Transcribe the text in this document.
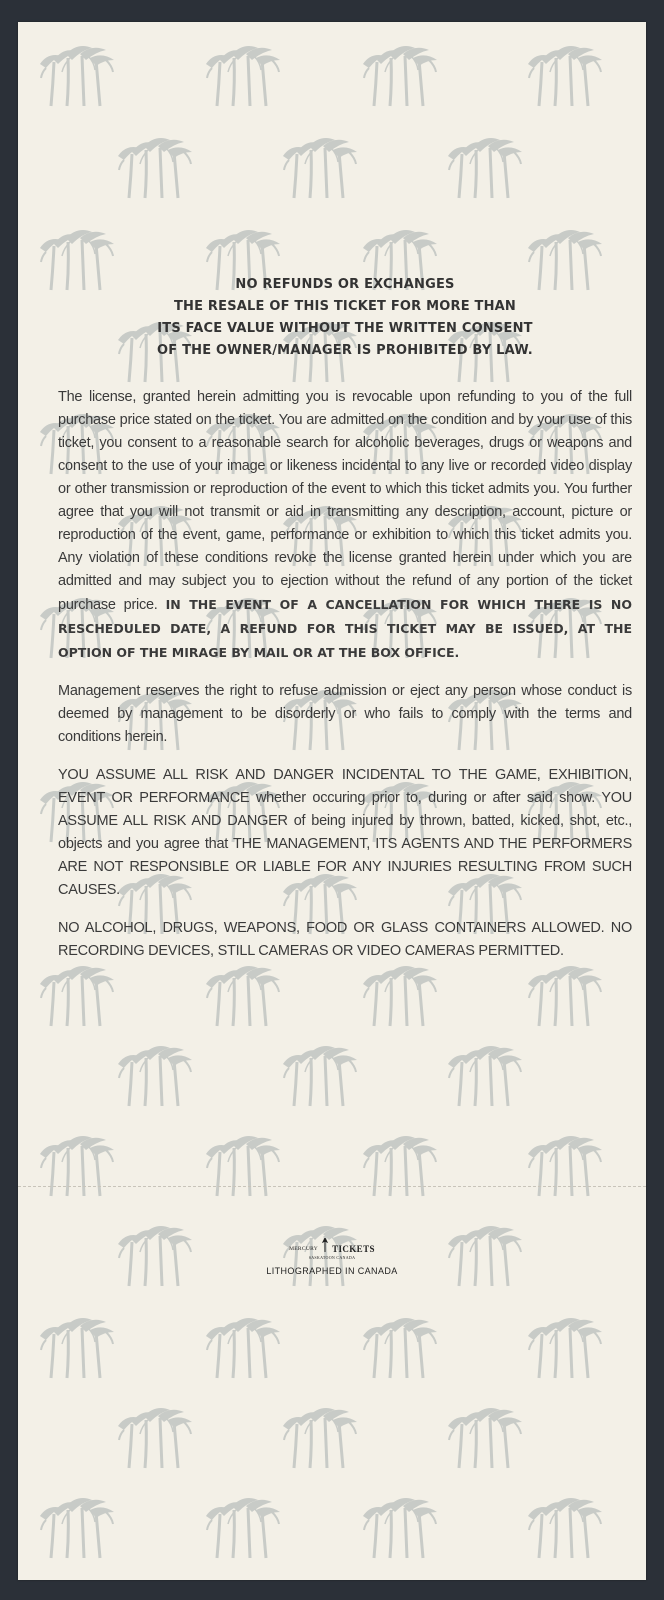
NO REFUNDS OR EXCHANGES
THE RESALE OF THIS TICKET FOR MORE THAN
ITS FACE VALUE WITHOUT THE WRITTEN CONSENT
OF THE OWNER/MANAGER IS PROHIBITED BY LAW.

The license, granted herein admitting you is revocable upon refunding to you of the full purchase price stated on the ticket. You are admitted on the condition and by your use of this ticket, you consent to a reasonable search for alcoholic beverages, drugs or weapons and consent to the use of your image or likeness incidental to any live or recorded video display or other transmission or reproduction of the event to which this ticket admits you. You further agree that you will not transmit or aid in transmitting any description, account, picture or reproduction of the event, game, performance or exhibition to which this ticket admits you. Any violation of these conditions revoke the license granted herein under which you are admitted and may subject you to ejection without the refund of any portion of the ticket purchase price. IN THE EVENT OF A CANCELLATION FOR WHICH THERE IS NO RESCHEDULED DATE, A REFUND FOR THIS TICKET MAY BE ISSUED, AT THE OPTION OF THE MIRAGE BY MAIL OR AT THE BOX OFFICE.

Management reserves the right to refuse admission or eject any person whose conduct is deemed by management to be disorderly or who fails to comply with the terms and conditions herein.

YOU ASSUME ALL RISK AND DANGER INCIDENTAL TO THE GAME, EXHIBITION, EVENT OR PERFORMANCE whether occuring prior to, during or after said show. YOU ASSUME ALL RISK AND DANGER of being injured by thrown, batted, kicked, shot, etc., objects and you agree that THE MANAGEMENT, ITS AGENTS AND THE PERFORMERS ARE NOT RESPONSIBLE OR LIABLE FOR ANY INJURIES RESULTING FROM SUCH CAUSES.

NO ALCOHOL, DRUGS, WEAPONS, FOOD OR GLASS CONTAINERS ALLOWED. NO RECORDING DEVICES, STILL CAMERAS OR VIDEO CAMERAS PERMITTED.

MERCURY TICKETS
SASKATOON CANADA
LITHOGRAPHED IN CANADA
